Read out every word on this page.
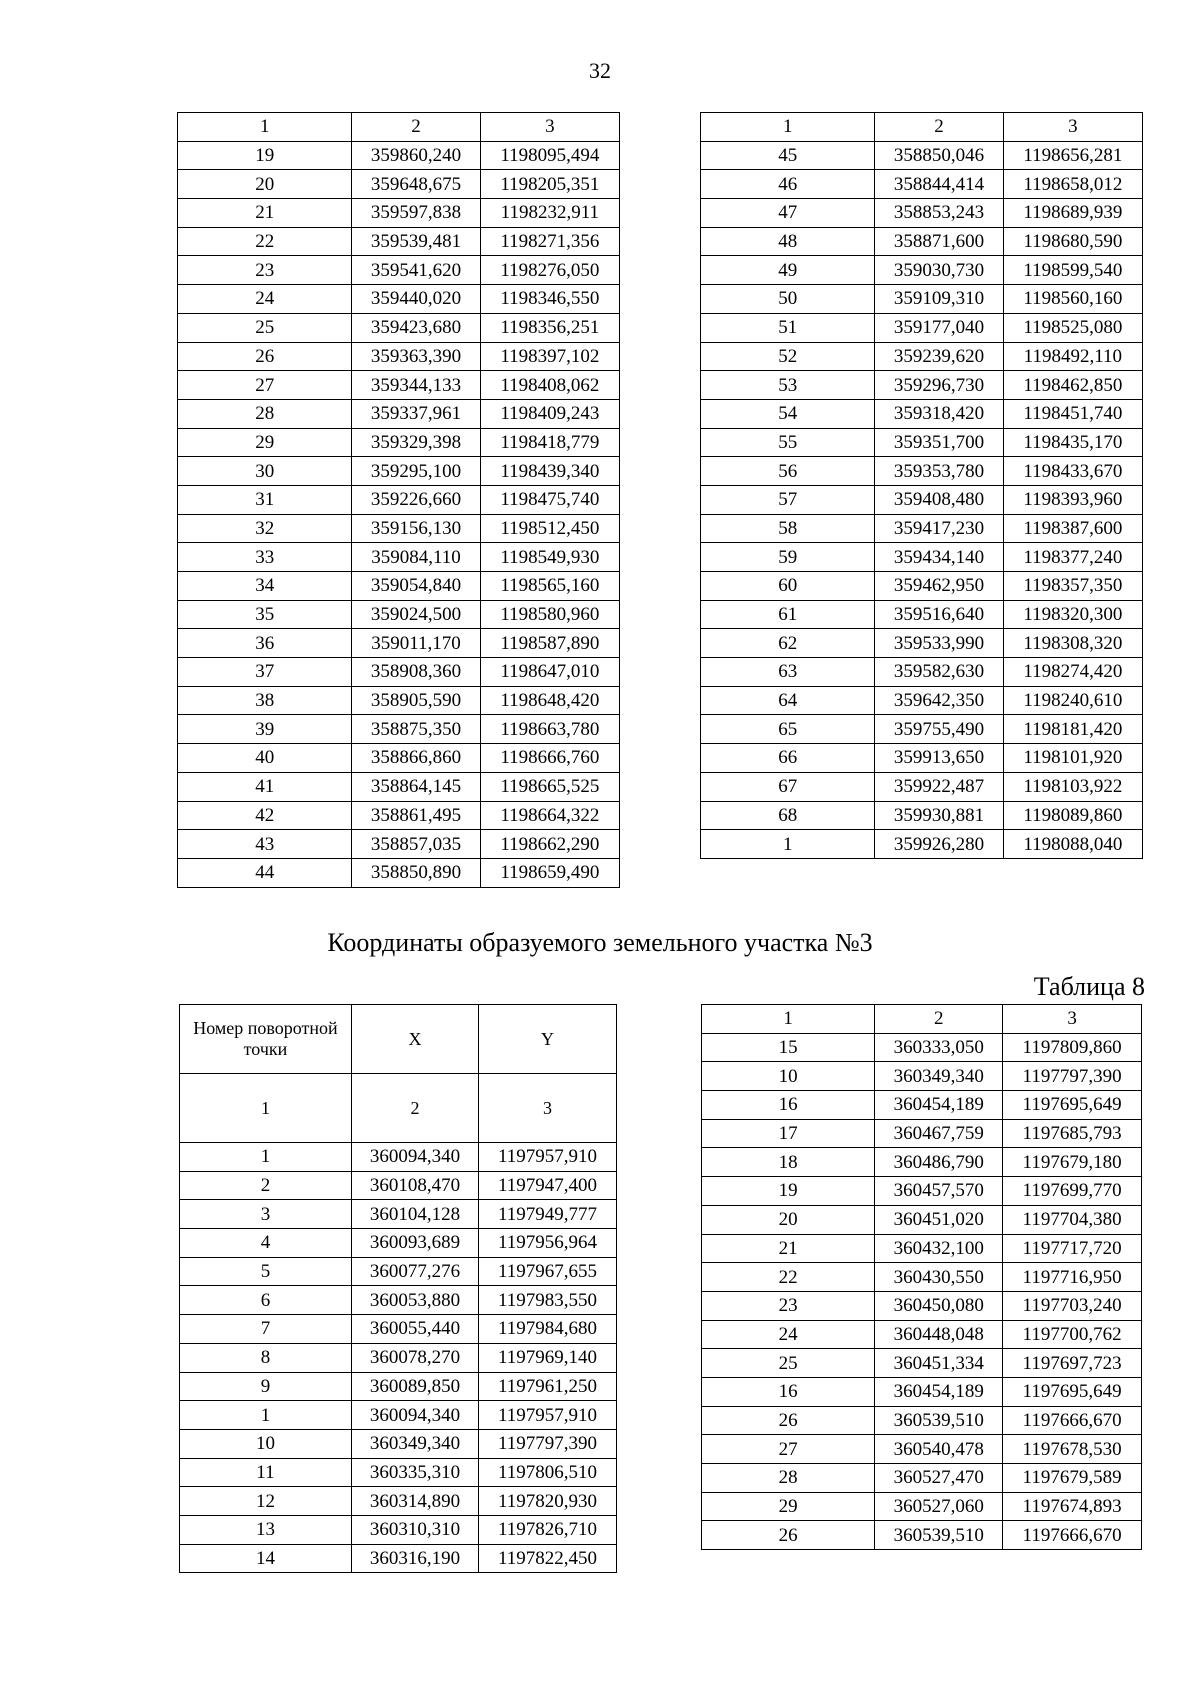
32
1	2	3
19	359860,240	1198095,494
20	359648,675	1198205,351
21	359597,838	1198232,911
22	359539,481	1198271,356
23	359541,620	1198276,050
24	359440,020	1198346,550
25	359423,680	1198356,251
26	359363,390	1198397,102
27	359344,133	1198408,062
28	359337,961	1198409,243
29	359329,398	1198418,779
30	359295,100	1198439,340
31	359226,660	1198475,740
32	359156,130	1198512,450
33	359084,110	1198549,930
34	359054,840	1198565,160
35	359024,500	1198580,960
36	359011,170	1198587,890
37	358908,360	1198647,010
38	358905,590	1198648,420
39	358875,350	1198663,780
40	358866,860	1198666,760
41	358864,145	1198665,525
42	358861,495	1198664,322
43	358857,035	1198662,290
44	358850,890	1198659,490
1	2	3
45	358850,046	1198656,281
46	358844,414	1198658,012
47	358853,243	1198689,939
48	358871,600	1198680,590
49	359030,730	1198599,540
50	359109,310	1198560,160
51	359177,040	1198525,080
52	359239,620	1198492,110
53	359296,730	1198462,850
54	359318,420	1198451,740
55	359351,700	1198435,170
56	359353,780	1198433,670
57	359408,480	1198393,960
58	359417,230	1198387,600
59	359434,140	1198377,240
60	359462,950	1198357,350
61	359516,640	1198320,300
62	359533,990	1198308,320
63	359582,630	1198274,420
64	359642,350	1198240,610
65	359755,490	1198181,420
66	359913,650	1198101,920
67	359922,487	1198103,922
68	359930,881	1198089,860
1	359926,280	1198088,040
Координаты образуемого земельного участка №3
Таблица 8
Номер поворотной точки	X	Y
1	2	3
1	360094,340	1197957,910
2	360108,470	1197947,400
3	360104,128	1197949,777
4	360093,689	1197956,964
5	360077,276	1197967,655
6	360053,880	1197983,550
7	360055,440	1197984,680
8	360078,270	1197969,140
9	360089,850	1197961,250
1	360094,340	1197957,910
10	360349,340	1197797,390
11	360335,310	1197806,510
12	360314,890	1197820,930
13	360310,310	1197826,710
14	360316,190	1197822,450
1	2	3
15	360333,050	1197809,860
10	360349,340	1197797,390
16	360454,189	1197695,649
17	360467,759	1197685,793
18	360486,790	1197679,180
19	360457,570	1197699,770
20	360451,020	1197704,380
21	360432,100	1197717,720
22	360430,550	1197716,950
23	360450,080	1197703,240
24	360448,048	1197700,762
25	360451,334	1197697,723
16	360454,189	1197695,649
26	360539,510	1197666,670
27	360540,478	1197678,530
28	360527,470	1197679,589
29	360527,060	1197674,893
26	360539,510	1197666,670
